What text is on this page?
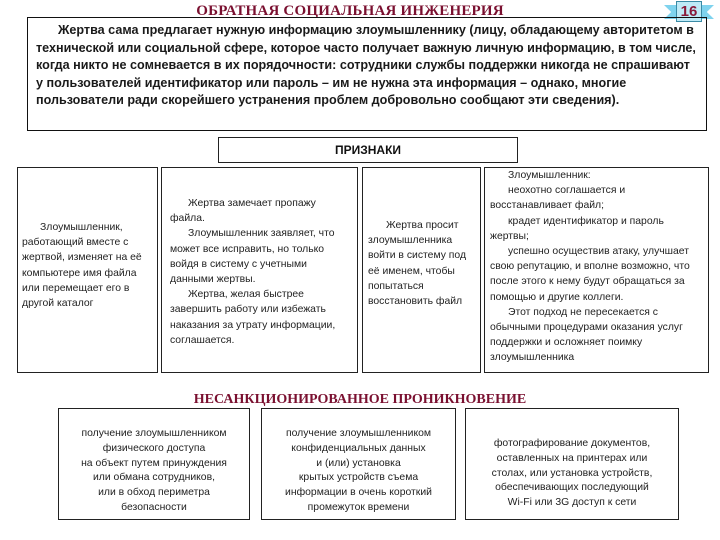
ОБРАТНАЯ СОЦИАЛЬНАЯ ИНЖЕНЕРИЯ	16
Жертва сама предлагает нужную информацию злоумышленнику (лицу, обладающему авторитетом в технической или социальной сфере, которое часто получает важную личную информацию, в том числе, когда никто не сомневается в их порядочности: сотрудники службы поддержки никогда не спрашивают у пользователей идентификатор или пароль – им не нужна эта информация – однако, многие пользователи ради скорейшего устранения проблем добровольно сообщают эти сведения).
ПРИЗНАКИ
Злоумышленник, работающий вместе с жертвой, изменяет на её компьютере имя файла или перемещает его в другой каталог
Жертва замечает пропажу файла.
Злоумышленник заявляет, что может все исправить, но только войдя в систему с учетными данными жертвы.
Жертва, желая быстрее завершить работу или избежать наказания за утрату информации, соглашается.
Жертва просит злоумышленника войти в систему под её именем, чтобы попытаться восстановить файл
Злоумышленник:
неохотно соглашается и восстанавливает файл;
крадет идентификатор и пароль жертвы;
успешно осуществив атаку, улучшает свою репутацию, и вполне возможно, что после этого к нему будут обращаться за помощью и другие коллеги.
Этот подход не пересекается с обычными процедурами оказания услуг поддержки и осложняет поимку злоумышленника
НЕСАНКЦИОНИРОВАННОЕ ПРОНИКНОВЕНИЕ
получение злоумышленником
физического доступа
на объект путем принуждения
или обмана сотрудников,
или в обход периметра
безопасности
получение злоумышленником
конфиденциальных данных
и (или) установка
крытых устройств съема
информации в очень короткий
промежуток времени
фотографирование документов,
оставленных на принтерах или
столах, или установка устройств,
обеспечивающих последующий
Wi-Fi или 3G доступ к сети
